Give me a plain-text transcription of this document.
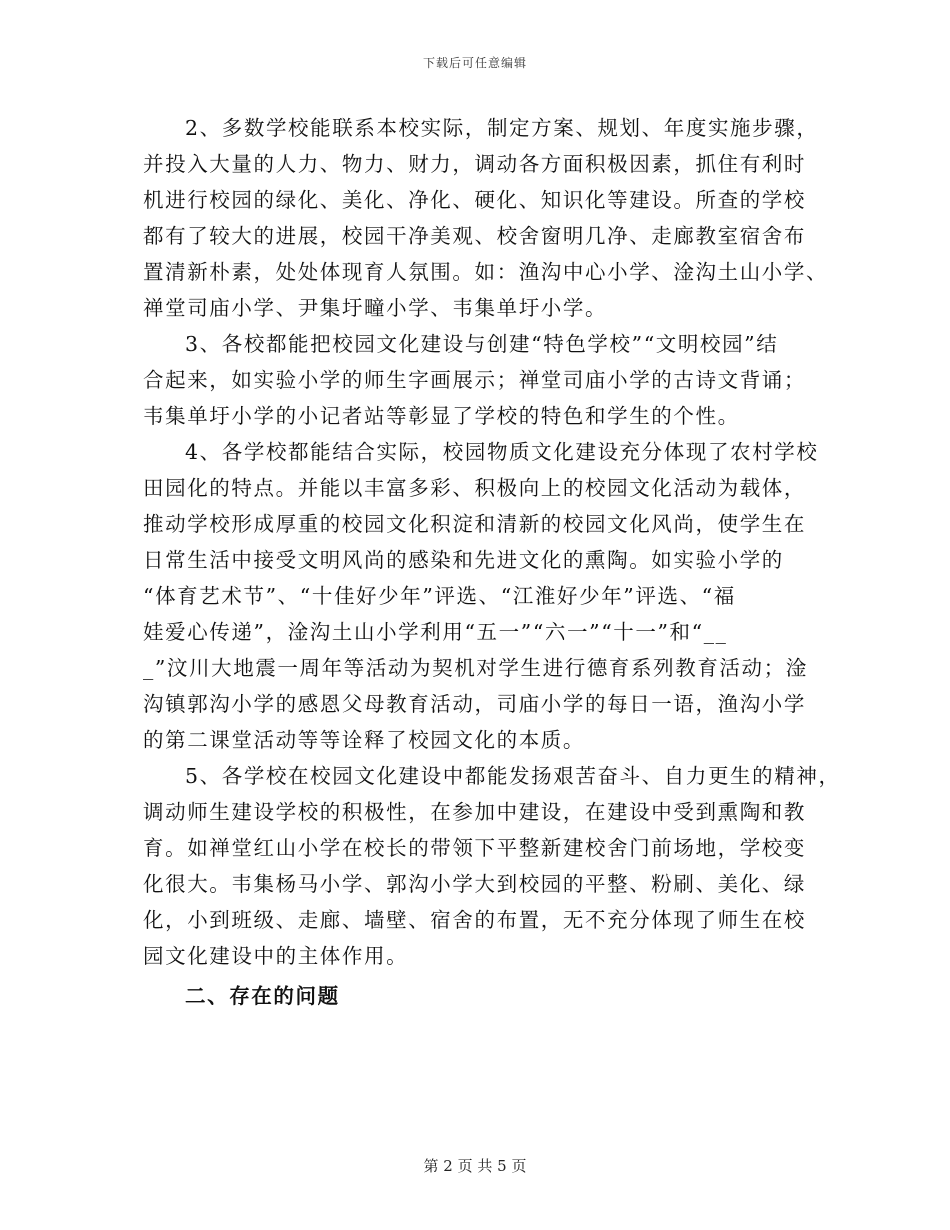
下载后可任意编辑
2、多数学校能联系本校实际，制定方案、规划、年度实施步骤，
并投入大量的人力、物力、财力，调动各方面积极因素，抓住有利时
机进行校园的绿化、美化、净化、硬化、知识化等建设。所查的学校
都有了较大的进展，校园干净美观、校舍窗明几净、走廊教室宿舍布
置清新朴素，处处体现育人氛围。如：渔沟中心小学、淦沟土山小学、
禅堂司庙小学、尹集圩疃小学、韦集单圩小学。
3、各校都能把校园文化建设与创建“特色学校”“文明校园”结
合起来，如实验小学的师生字画展示；禅堂司庙小学的古诗文背诵；
韦集单圩小学的小记者站等彰显了学校的特色和学生的个性。
4、各学校都能结合实际，校园物质文化建设充分体现了农村学校
田园化的特点。并能以丰富多彩、积极向上的校园文化活动为载体，
推动学校形成厚重的校园文化积淀和清新的校园文化风尚，使学生在
日常生活中接受文明风尚的感染和先进文化的熏陶。如实验小学的
“体育艺术节”、“十佳好少年”评选、“江淮好少年”评选、“福
娃爱心传递”，淦沟土山小学利用“五一”“六一”“十一”和“__
_”汶川大地震一周年等活动为契机对学生进行德育系列教育活动；淦
沟镇郭沟小学的感恩父母教育活动，司庙小学的每日一语，渔沟小学
的第二课堂活动等等诠释了校园文化的本质。
5、各学校在校园文化建设中都能发扬艰苦奋斗、自力更生的精神，
调动师生建设学校的积极性，在参加中建设，在建设中受到熏陶和教
育。如禅堂红山小学在校长的带领下平整新建校舍门前场地，学校变
化很大。韦集杨马小学、郭沟小学大到校园的平整、粉刷、美化、绿
化，小到班级、走廊、墙壁、宿舍的布置，无不充分体现了师生在校
园文化建设中的主体作用。
二、存在的问题
第 2 页 共 5 页
